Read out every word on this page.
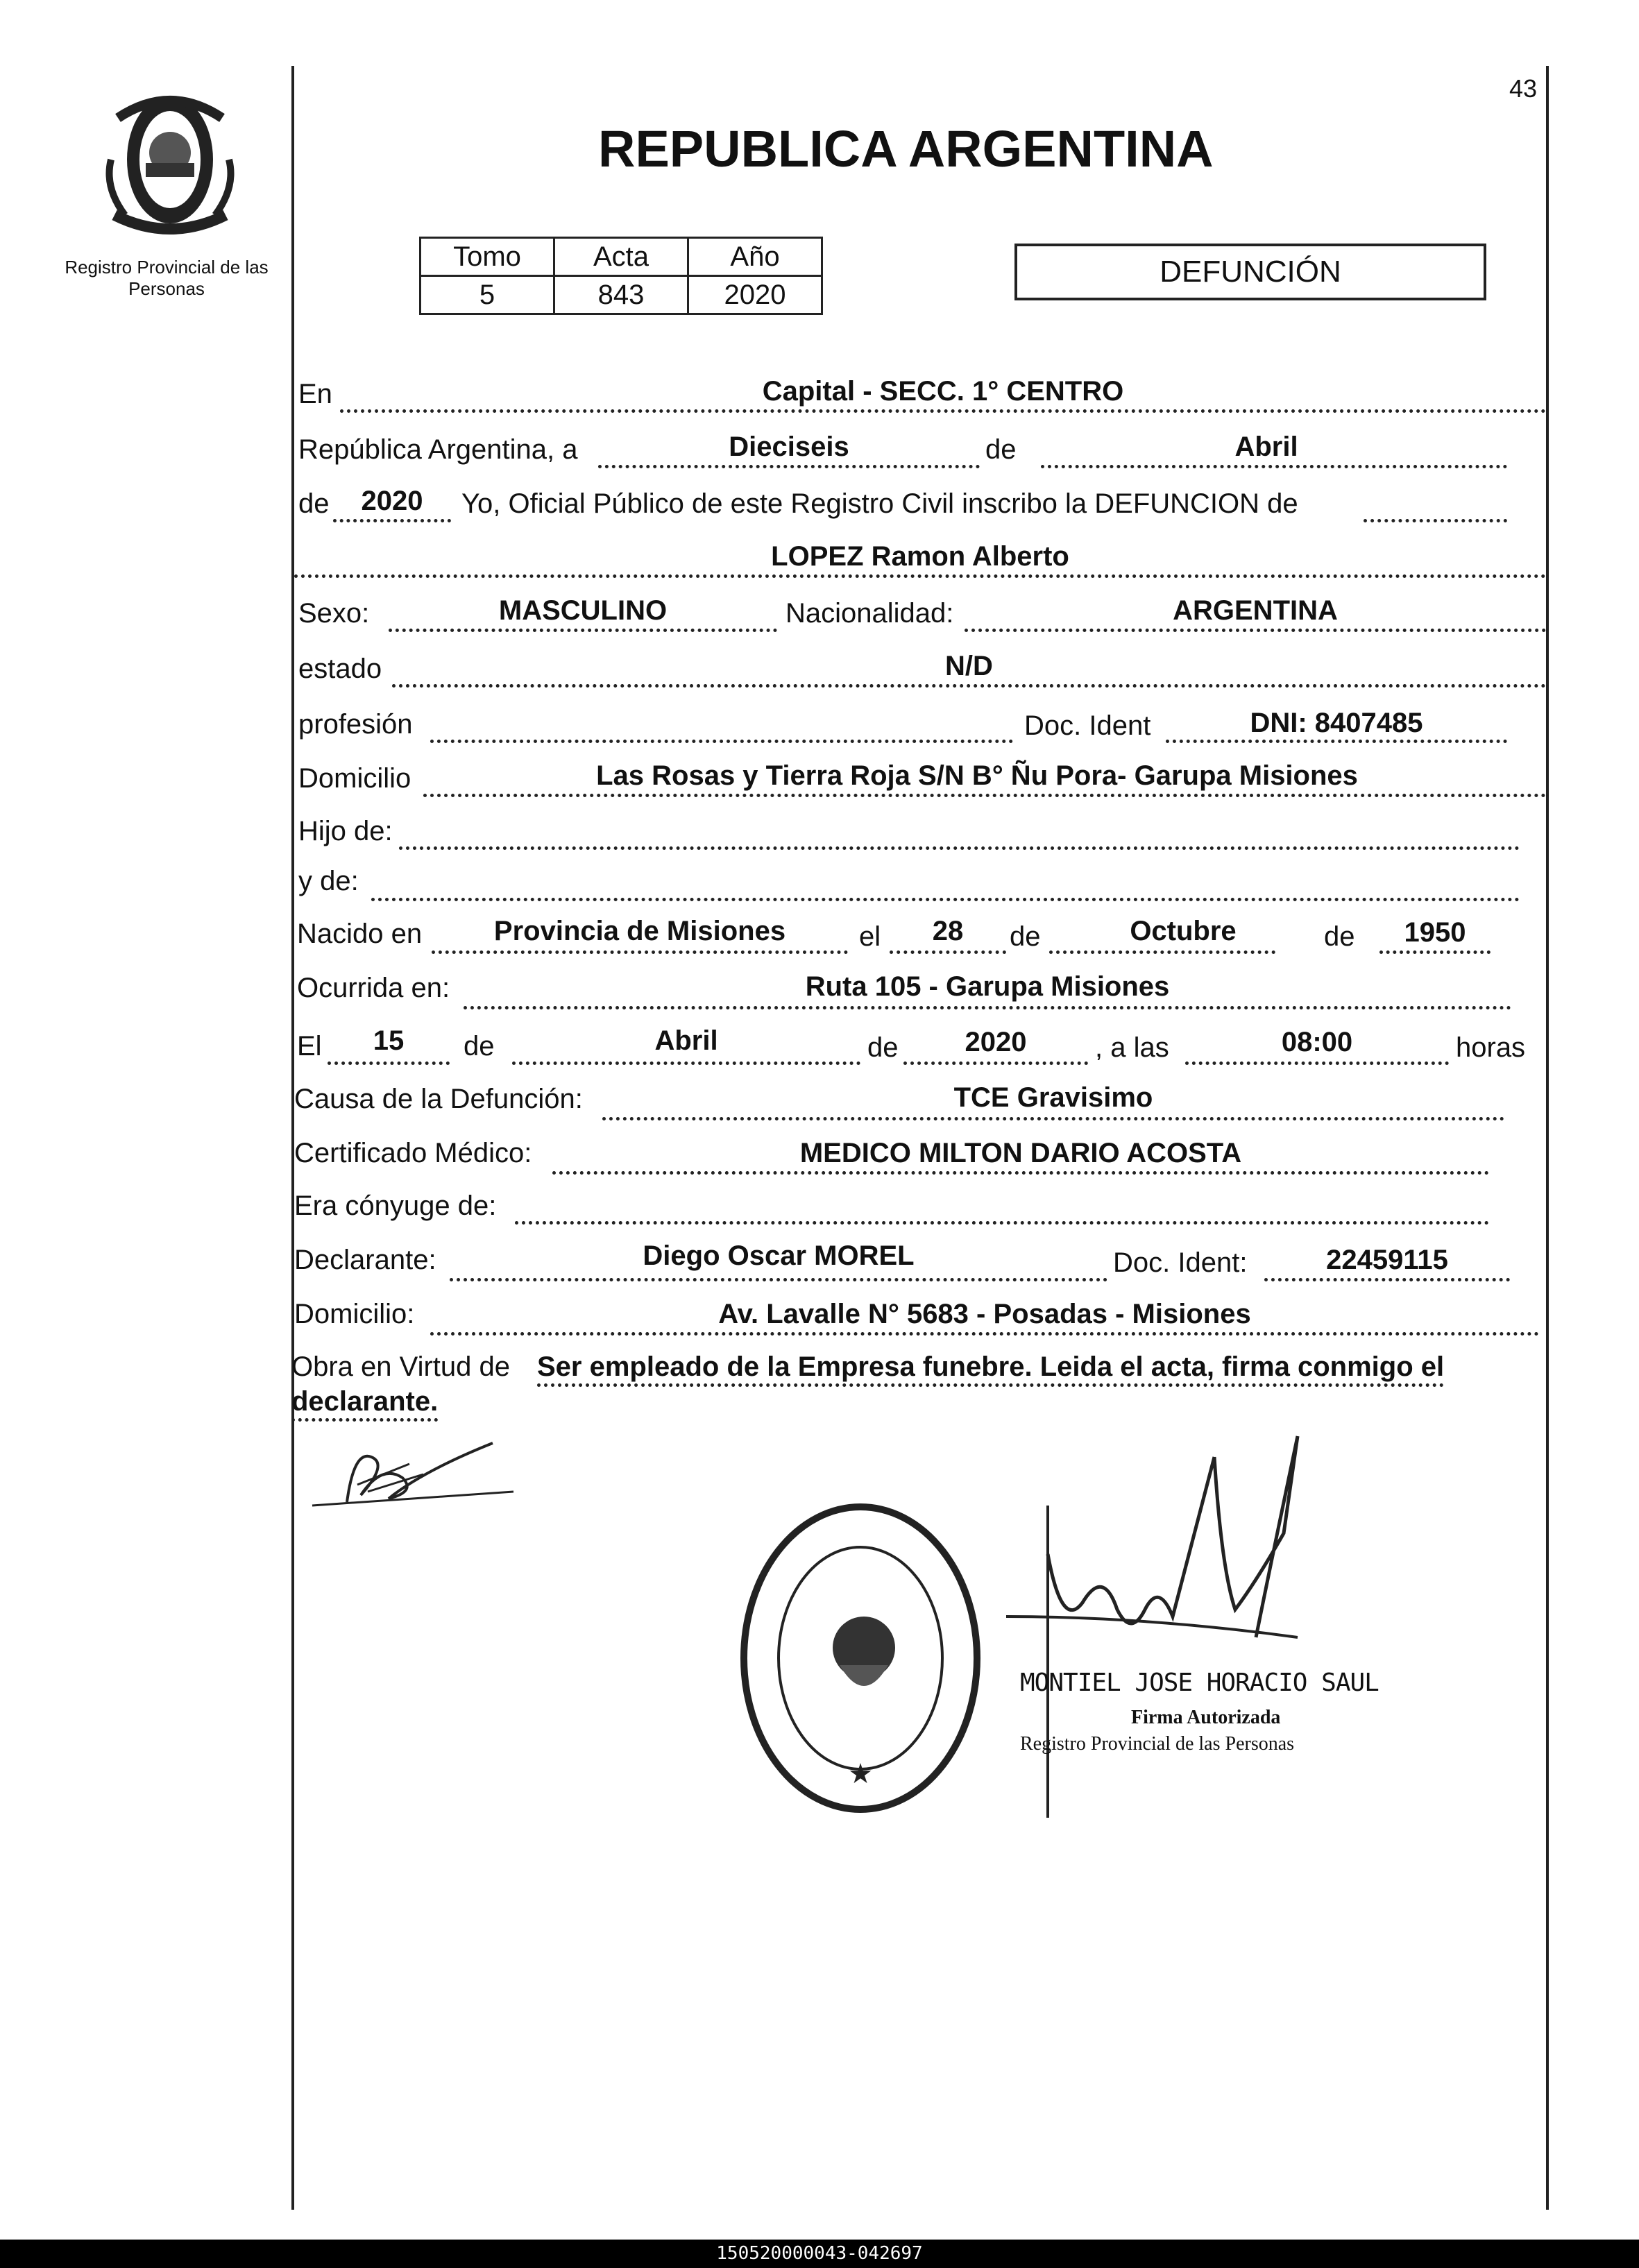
43
Registro Provincial de las Personas
REPUBLICA ARGENTINA
Tomo	Acta	Año
5	843	2020
DEFUNCIÓN
En	Capital - SECC. 1° CENTRO
República Argentina, a	Dieciseis	de	Abril
de	2020	Yo, Oficial Público de este Registro Civil inscribo la DEFUNCION de
LOPEZ Ramon Alberto
Sexo:	MASCULINO	Nacionalidad:	ARGENTINA
estado	N/D
profesión	Doc. Ident	DNI: 8407485
Domicilio	Las Rosas y Tierra Roja S/N B° Ñu Pora- Garupa Misiones
Hijo de:
y de:
Nacido en	Provincia de Misiones	el	28	de	Octubre	de	1950
Ocurrida en:	Ruta 105 - Garupa Misiones
El	15	de	Abril	de	2020	, a las	08:00	horas
Causa de la Defunción:	TCE Gravisimo
Certificado Médico:	MEDICO MILTON DARIO ACOSTA
Era cónyuge de:
Declarante:	Diego Oscar MOREL	Doc. Ident:	22459115
Domicilio:	Av. Lavalle N° 5683 - Posadas - Misiones
Obra en Virtud de Ser empleado de la Empresa funebre. Leida el acta, firma conmigo el
declarante.
★
MONTIEL JOSE HORACIO SAUL
Firma Autorizada
Registro Provincial de las Personas
150520000043-042697
